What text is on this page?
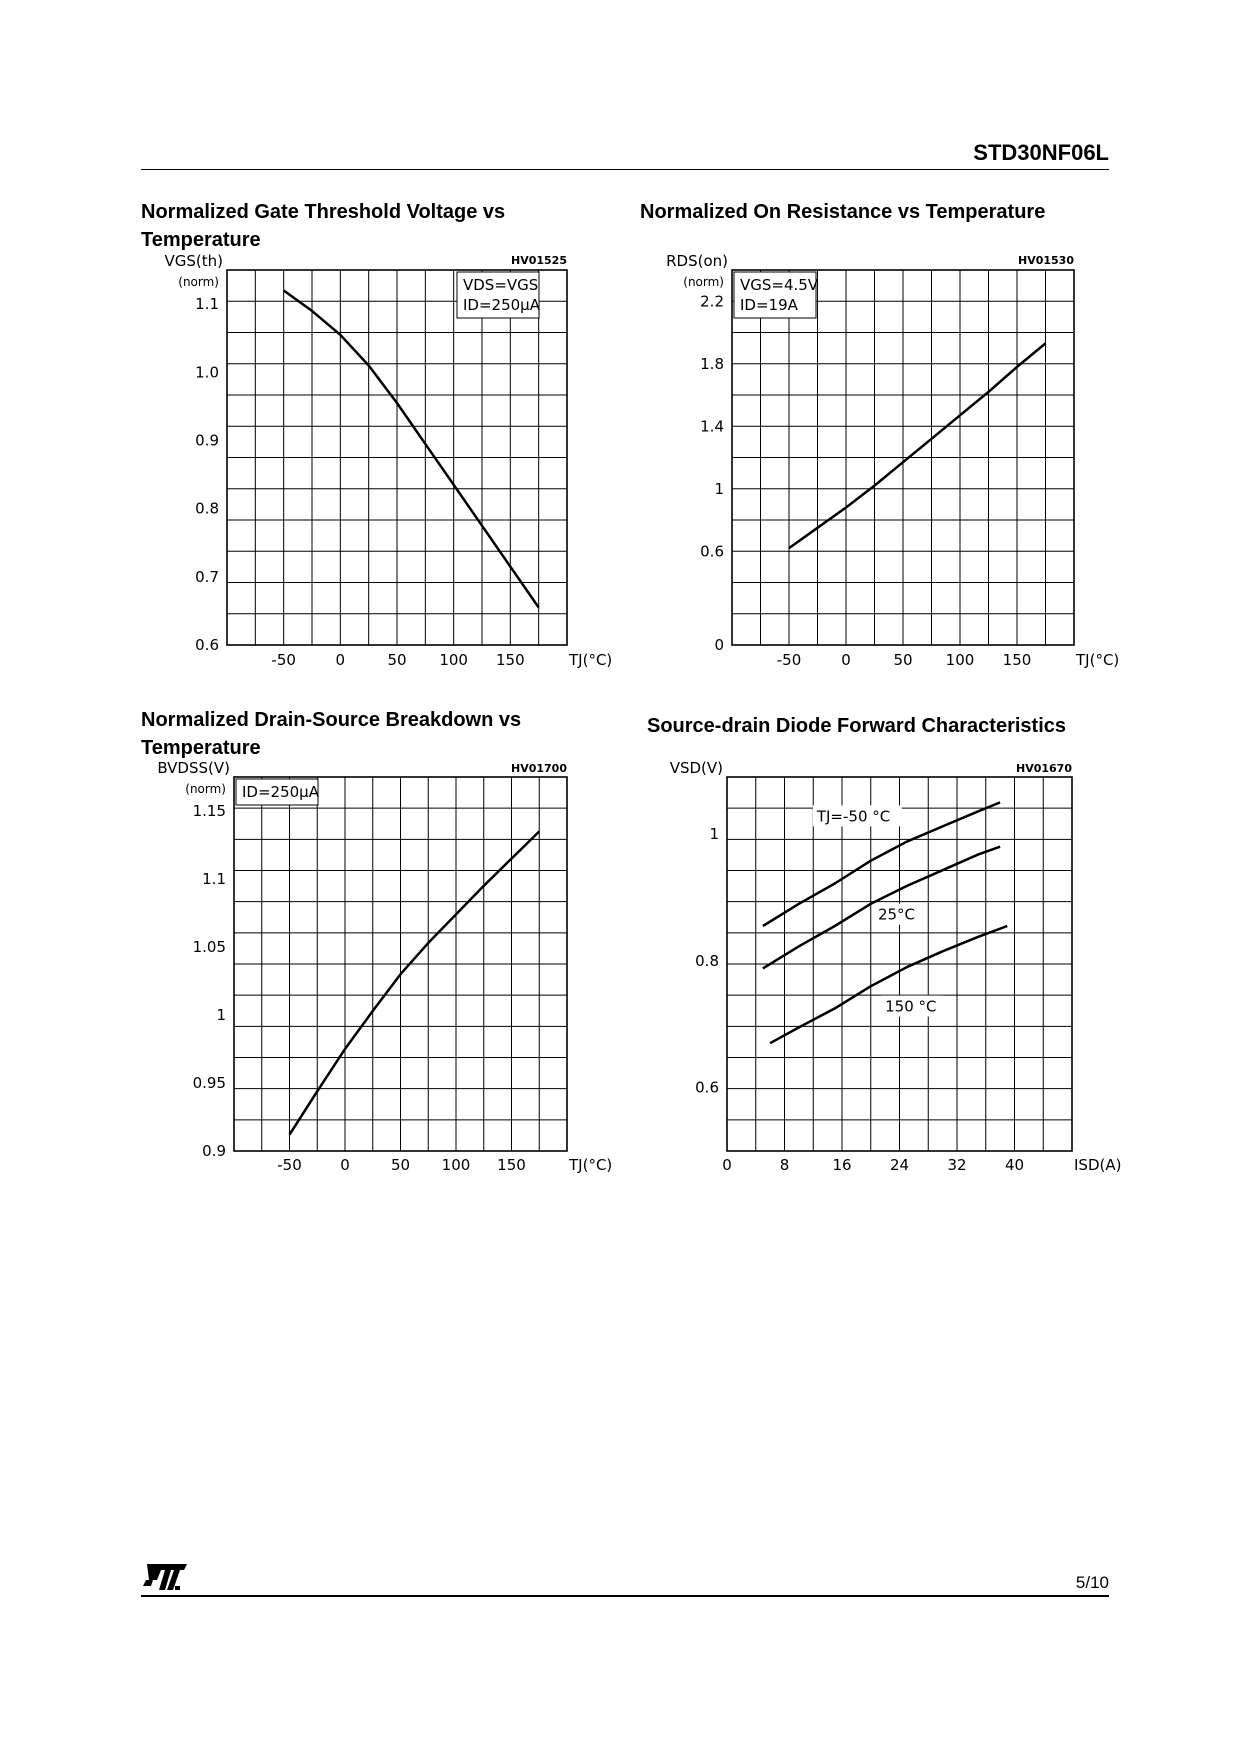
STD30NF06L
Normalized Gate Threshold Voltage vs
Temperature
Normalized On Resistance vs Temperature
Normalized Drain-Source Breakdown vs
Temperature
Source-drain Diode Forward Characteristics
HV01525
VGS(th)
(norm)
0.6
0.7
0.8
0.9
1.0
1.1
-50	0	50 100 150	TJ(°C)
VDS=VGS
ID=250µA
HV01530
RDS(on)
(norm)
0
0.6
1
1.4
1.8
2.2
-50	0	50 100 150	TJ(°C)
VGS=4.5V
ID=19A
HV01700
BVDSS(V)
(norm)
0.9
0.95
1
1.05
1.1
1.15
-50	0	50 100 150	TJ(°C)
ID=250µA
HV01670
VSD(V)
0.6
0.8
1
0	8	16	24	32	40	ISD(A)
TJ=-50 °C
25°C
150 °C
5/10
